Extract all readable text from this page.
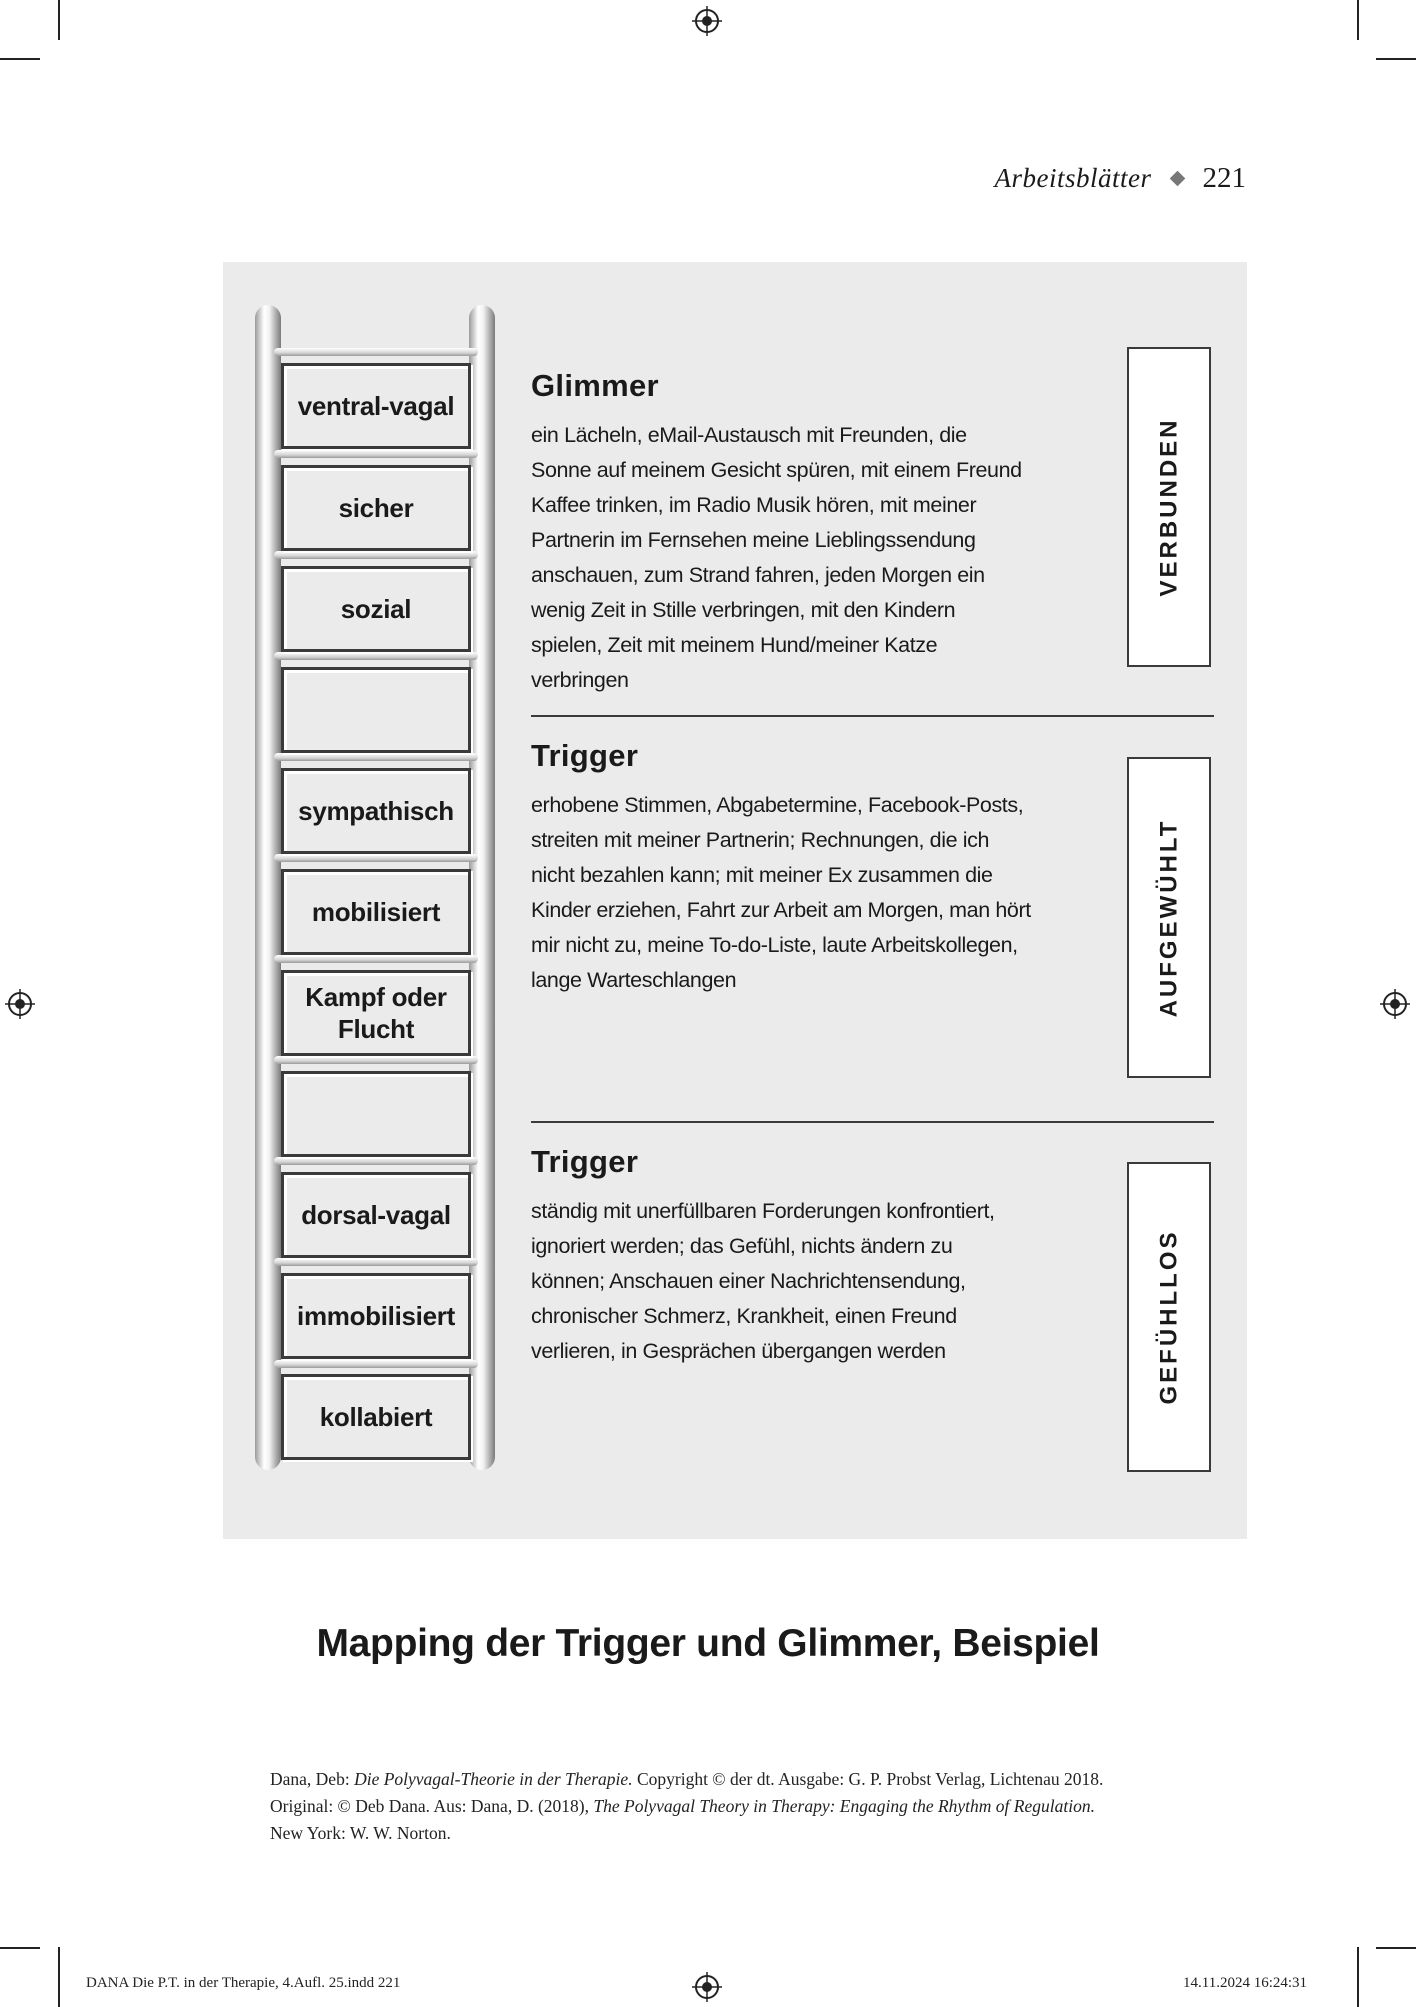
Arbeitsblätter 221
ventral-vagal
sicher
sozial
sympathisch
mobilisiert
Kampf oder
Flucht
dorsal-vagal
immobilisiert
kollabiert
Glimmer

ein Lächeln, eMail-Austausch mit Freunden, die Sonne auf meinem Gesicht spüren, mit einem Freund Kaffee trinken, im Radio Musik hören, mit meiner Partnerin im Fernsehen meine Lieblingssendung anschauen, zum Strand fahren, jeden Morgen ein wenig Zeit in Stille verbringen, mit den Kindern spielen, Zeit mit meinem Hund/meiner Katze verbringen

VERBUNDEN
Trigger

erhobene Stimmen, Abgabetermine, Facebook-Posts, streiten mit meiner Partnerin; Rechnungen, die ich nicht bezahlen kann; mit meiner Ex zusammen die Kinder erziehen, Fahrt zur Arbeit am Morgen, man hört mir nicht zu, meine To-do-Liste, laute Arbeitskollegen, lange Warteschlangen	AUFGEWÜHLT
Trigger

ständig mit unerfüllbaren Forderungen konfrontiert, ignoriert werden; das Gefühl, nichts ändern zu können; Anschauen einer Nachrichtensendung, chronischer Schmerz, Krankheit, einen Freund verlieren, in Gesprächen übergangen werden	GEFÜHLLOS
Mapping der Trigger und Glimmer, Beispiel
Dana, Deb: Die Polyvagal-Theorie in der Therapie. Copyright © der dt. Ausgabe: G. P. Probst Verlag, Lichtenau 2018.
Original: © Deb Dana. Aus: Dana, D. (2018), The Polyvagal Theory in Therapy: Engaging the Rhythm of Regulation.
New York: W. W. Norton.
DANA Die P.T. in der Therapie, 4.Aufl. 25.indd 221	14.11.2024 16:24:31
